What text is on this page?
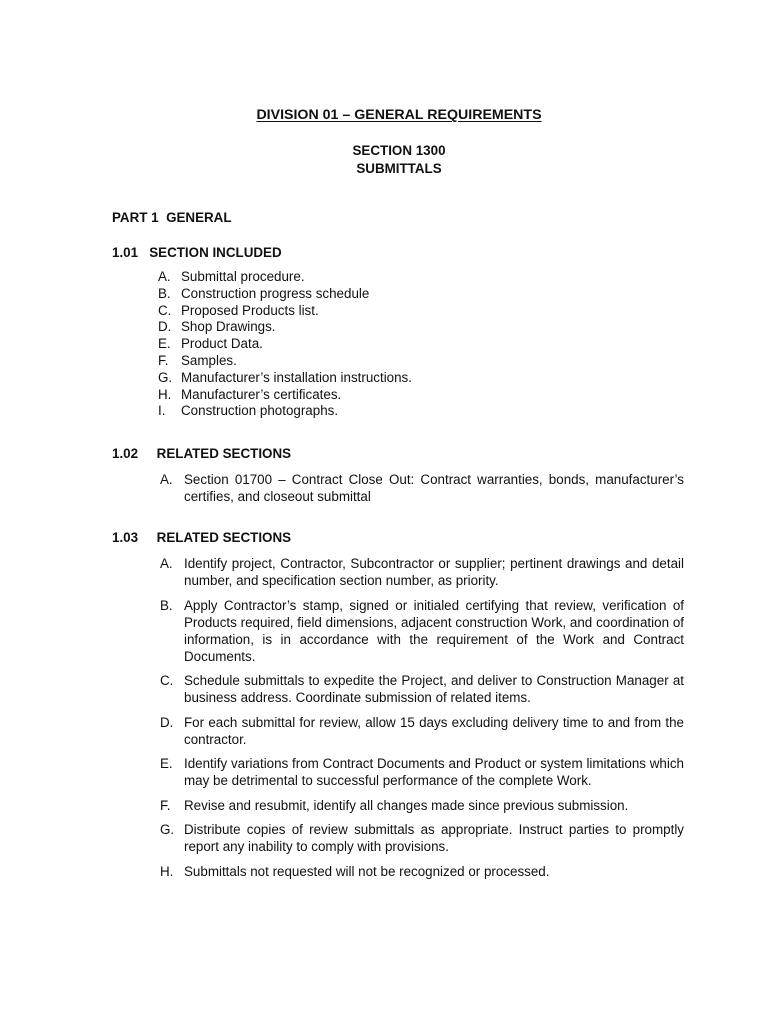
DIVISION 01 – GENERAL REQUIREMENTS
SECTION 1300
SUBMITTALS
PART 1  GENERAL
1.01   SECTION INCLUDED
A. Submittal procedure.
B. Construction progress schedule
C. Proposed Products list.
D. Shop Drawings.
E. Product Data.
F. Samples.
G. Manufacturer’s installation instructions.
H. Manufacturer’s certificates.
I. Construction photographs.
1.02     RELATED SECTIONS
A. Section 01700 – Contract Close Out: Contract warranties, bonds, manufacturer’s certifies, and closeout submittal
1.03     RELATED SECTIONS
A. Identify project, Contractor, Subcontractor or supplier; pertinent drawings and detail number, and specification section number, as priority.
B. Apply Contractor’s stamp, signed or initialed certifying that review, verification of Products required, field dimensions, adjacent construction Work, and coordination of information, is in accordance with the requirement of the Work and Contract Documents.
C. Schedule submittals to expedite the Project, and deliver to Construction Manager at business address. Coordinate submission of related items.
D. For each submittal for review, allow 15 days excluding delivery time to and from the contractor.
E. Identify variations from Contract Documents and Product or system limitations which may be detrimental to successful performance of the complete Work.
F. Revise and resubmit, identify all changes made since previous submission.
G. Distribute copies of review submittals as appropriate. Instruct parties to promptly report any inability to comply with provisions.
H. Submittals not requested will not be recognized or processed.
